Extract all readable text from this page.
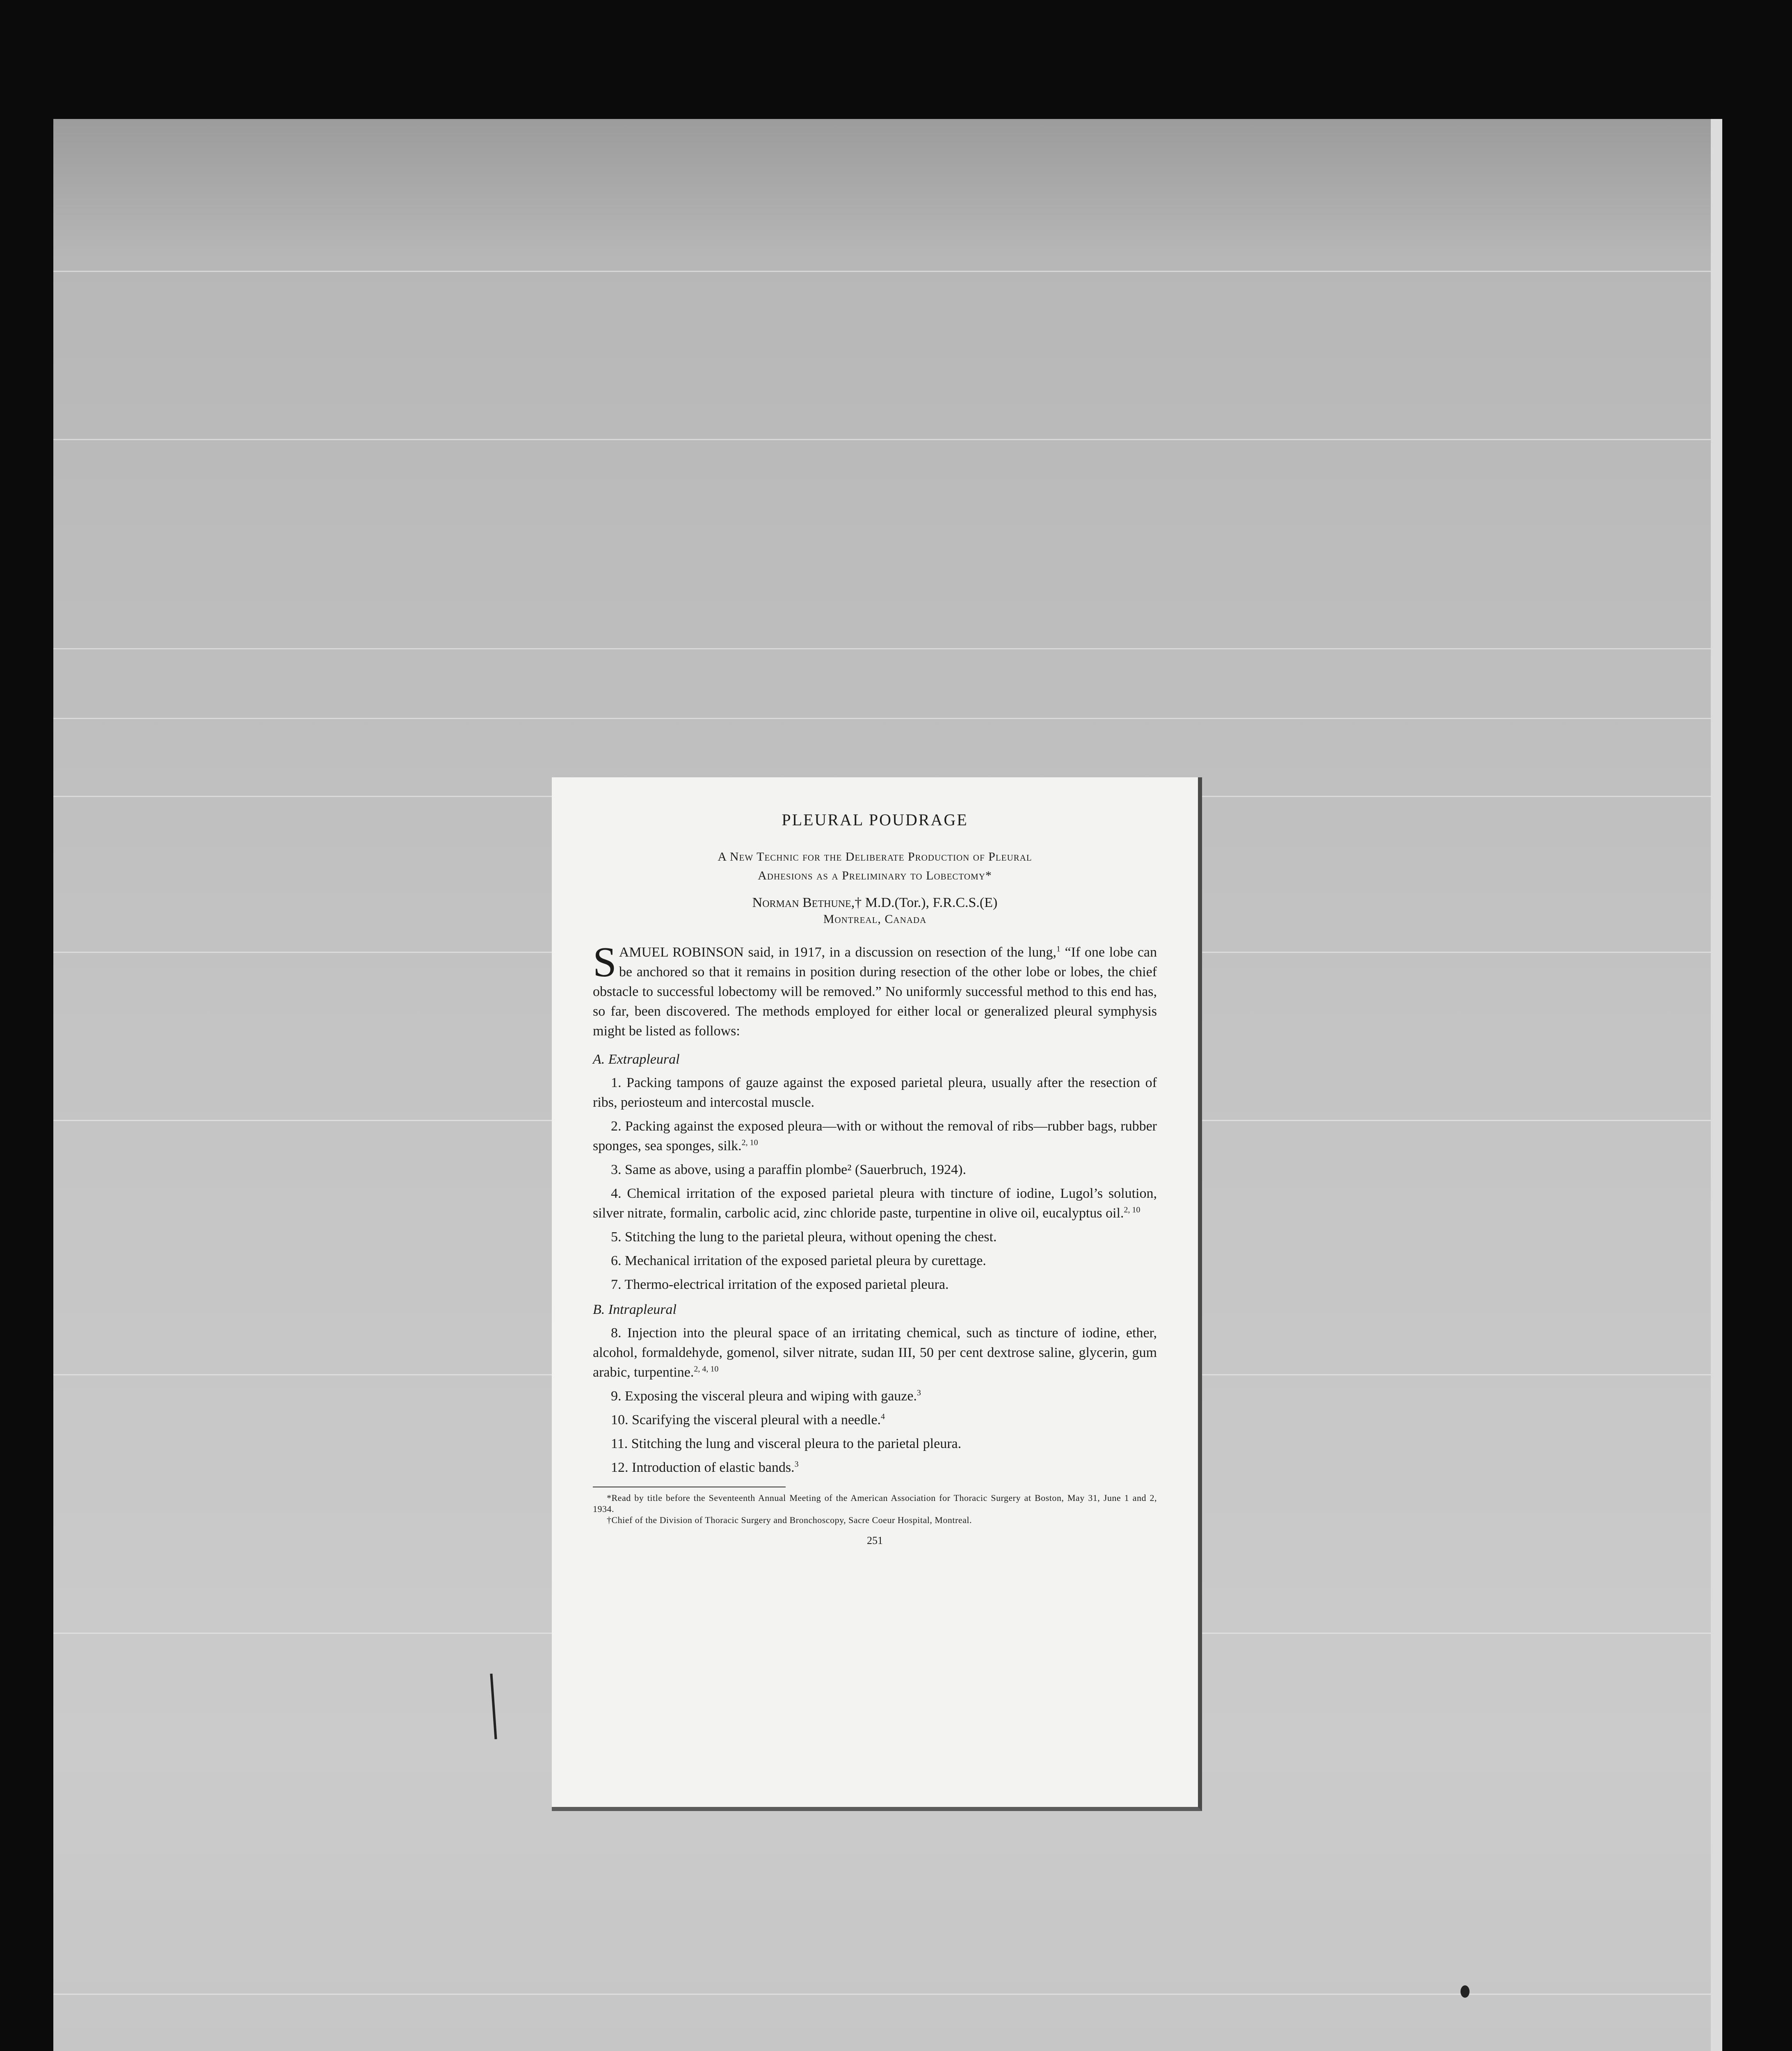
PLEURAL POUDRAGE
A New Technic for the Deliberate Production of Pleural
Adhesions as a Preliminary to Lobectomy*
Norman Bethune,† M.D.(Tor.), F.R.C.S.(E)
Montreal, Canada

SAMUEL ROBINSON said, in 1917, in a discussion on resection of the lung,$^1$ “If one lobe can be anchored so that it remains in position during resection of the other lobe or lobes, the chief obstacle to successful lobectomy will be removed.” No uniformly successful method to this end has, so far, been discovered. The methods employed for either local or generalized pleural symphysis might be listed as follows:

A. Extrapleural

1. Packing tampons of gauze against the exposed parietal pleura, usually after the resection of ribs, periosteum and intercostal muscle.

2. Packing against the exposed pleura—with or without the removal of ribs—rubber bags, rubber sponges, sea sponges, silk.$^{2, 10}$

3. Same as above, using a paraffin plombe² (Sauerbruch, 1924).

4. Chemical irritation of the exposed parietal pleura with tincture of iodine, Lugol’s solution, silver nitrate, formalin, carbolic acid, zinc chloride paste, turpentine in olive oil, eucalyptus oil.$^{2, 10}$

5. Stitching the lung to the parietal pleura, without opening the chest.

6. Mechanical irritation of the exposed parietal pleura by curettage.

7. Thermo-electrical irritation of the exposed parietal pleura.

B. Intrapleural

8. Injection into the pleural space of an irritating chemical, such as tincture of iodine, ether, alcohol, formaldehyde, gomenol, silver nitrate, sudan III, 50 per cent dextrose saline, glycerin, gum arabic, turpentine.$^{2, 4, 10}$

9. Exposing the visceral pleura and wiping with gauze.$^3$

10. Scarifying the visceral pleural with a needle.$^4$

11. Stitching the lung and visceral pleura to the parietal pleura.

12. Introduction of elastic bands.$^3$

*Read by title before the Seventeenth Annual Meeting of the American Association for Thoracic Surgery at Boston, May 31, June 1 and 2, 1934.

†Chief of the Division of Thoracic Surgery and Bronchoscopy, Sacre Coeur Hospital, Montreal.

251
